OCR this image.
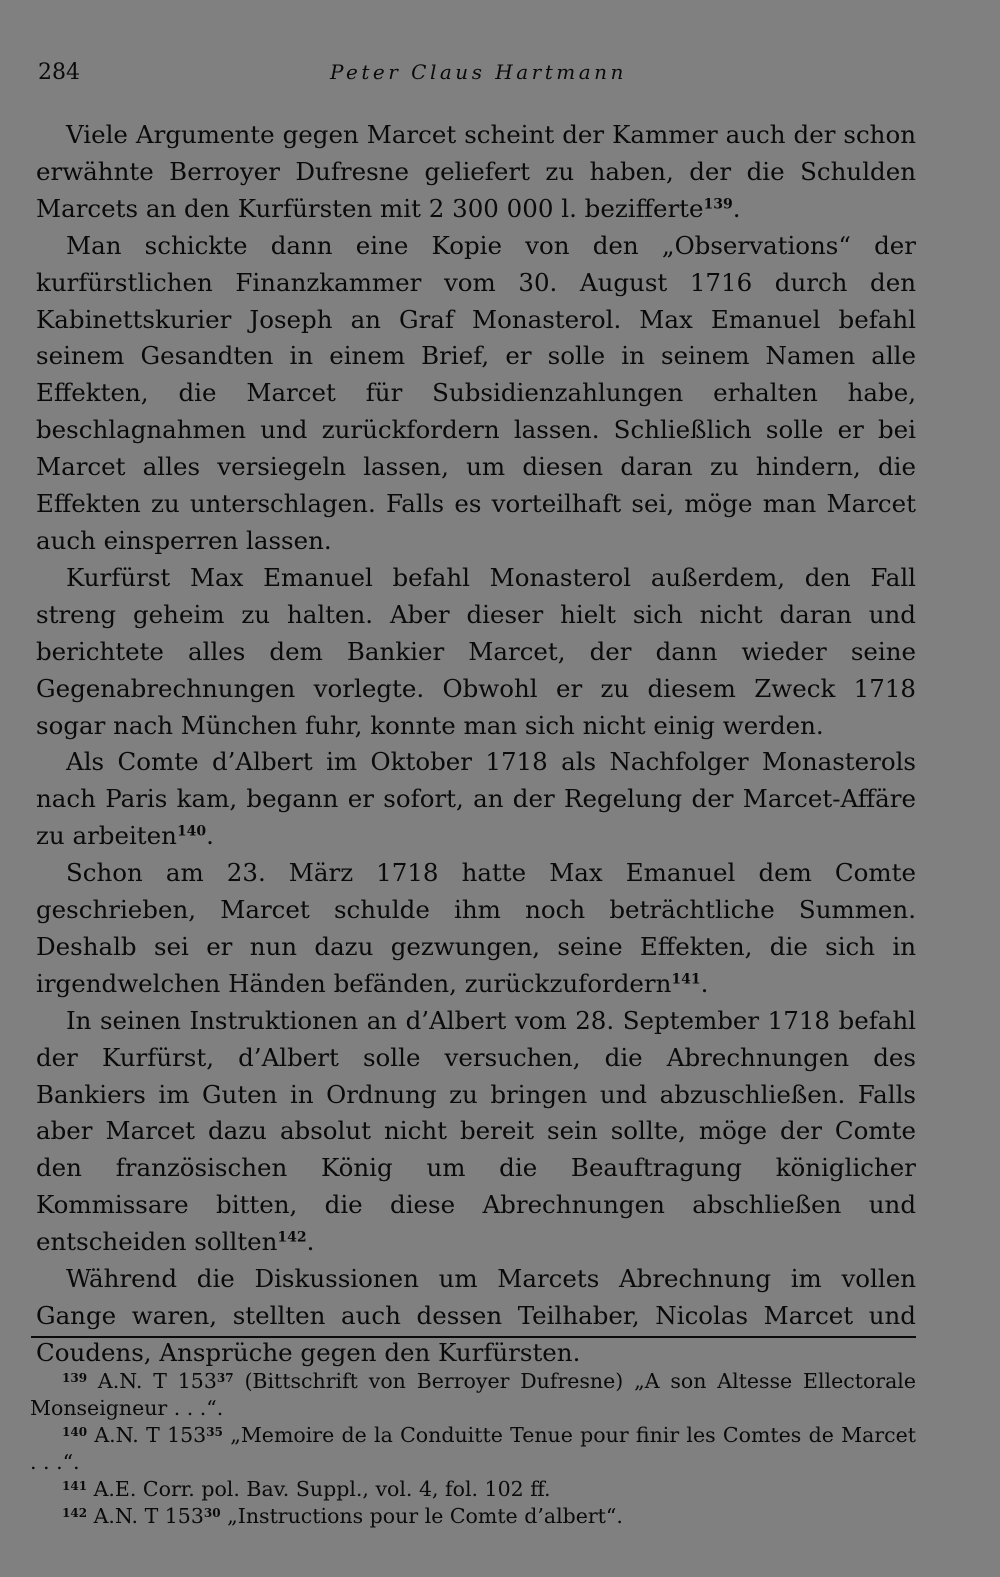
284	Peter Claus Hartmann

Viele Argumente gegen Marcet scheint der Kammer auch der schon erwähnte Berroyer Dufresne geliefert zu haben, der die Schulden Marcets an den Kurfürsten mit 2 300 000 l. bezifferte$^{139}$.

Man schickte dann eine Kopie von den „Observations“ der kurfürstlichen Finanzkammer vom 30. August 1716 durch den Kabinettskurier Joseph an Graf Monasterol. Max Emanuel befahl seinem Gesandten in einem Brief, er solle in seinem Namen alle Effekten, die Marcet für Subsidienzahlungen erhalten habe, beschlagnahmen und zurückfordern lassen. Schließlich solle er bei Marcet alles versiegeln lassen, um diesen daran zu hindern, die Effekten zu unterschlagen. Falls es vorteilhaft sei, möge man Marcet auch einsperren lassen.

Kurfürst Max Emanuel befahl Monasterol außerdem, den Fall streng geheim zu halten. Aber dieser hielt sich nicht daran und berichtete alles dem Bankier Marcet, der dann wieder seine Gegenabrechnungen vorlegte. Obwohl er zu diesem Zweck 1718 sogar nach München fuhr, konnte man sich nicht einig werden.

Als Comte d’Albert im Oktober 1718 als Nachfolger Monasterols nach Paris kam, begann er sofort, an der Regelung der Marcet-Affäre zu arbeiten$^{140}$.

Schon am 23. März 1718 hatte Max Emanuel dem Comte geschrieben, Marcet schulde ihm noch beträchtliche Summen. Deshalb sei er nun dazu gezwungen, seine Effekten, die sich in irgendwelchen Händen befänden, zurückzufordern$^{141}$.

In seinen Instruktionen an d’Albert vom 28. September 1718 befahl der Kurfürst, d’Albert solle versuchen, die Abrechnungen des Bankiers im Guten in Ordnung zu bringen und abzuschließen. Falls aber Marcet dazu absolut nicht bereit sein sollte, möge der Comte den französischen König um die Beauftragung königlicher Kommissare bitten, die diese Abrechnungen abschließen und entscheiden sollten$^{142}$.

Während die Diskussionen um Marcets Abrechnung im vollen Gange waren, stellten auch dessen Teilhaber, Nicolas Marcet und Coudens, Ansprüche gegen den Kurfürsten.

$^{139}$ A.N. T $153^{37}$ (Bittschrift von Berroyer Dufresne) „A son Altesse Ellectorale Monseigneur . . .“.

$^{140}$ A.N. T $153^{35}$ „Memoire de la Conduitte Tenue pour finir les Comtes de Marcet . . .“.

$^{141}$ A.E. Corr. pol. Bav. Suppl., vol. 4, fol. 102 ff.

$^{142}$ A.N. T $153^{30}$ „Instructions pour le Comte d’albert“.
